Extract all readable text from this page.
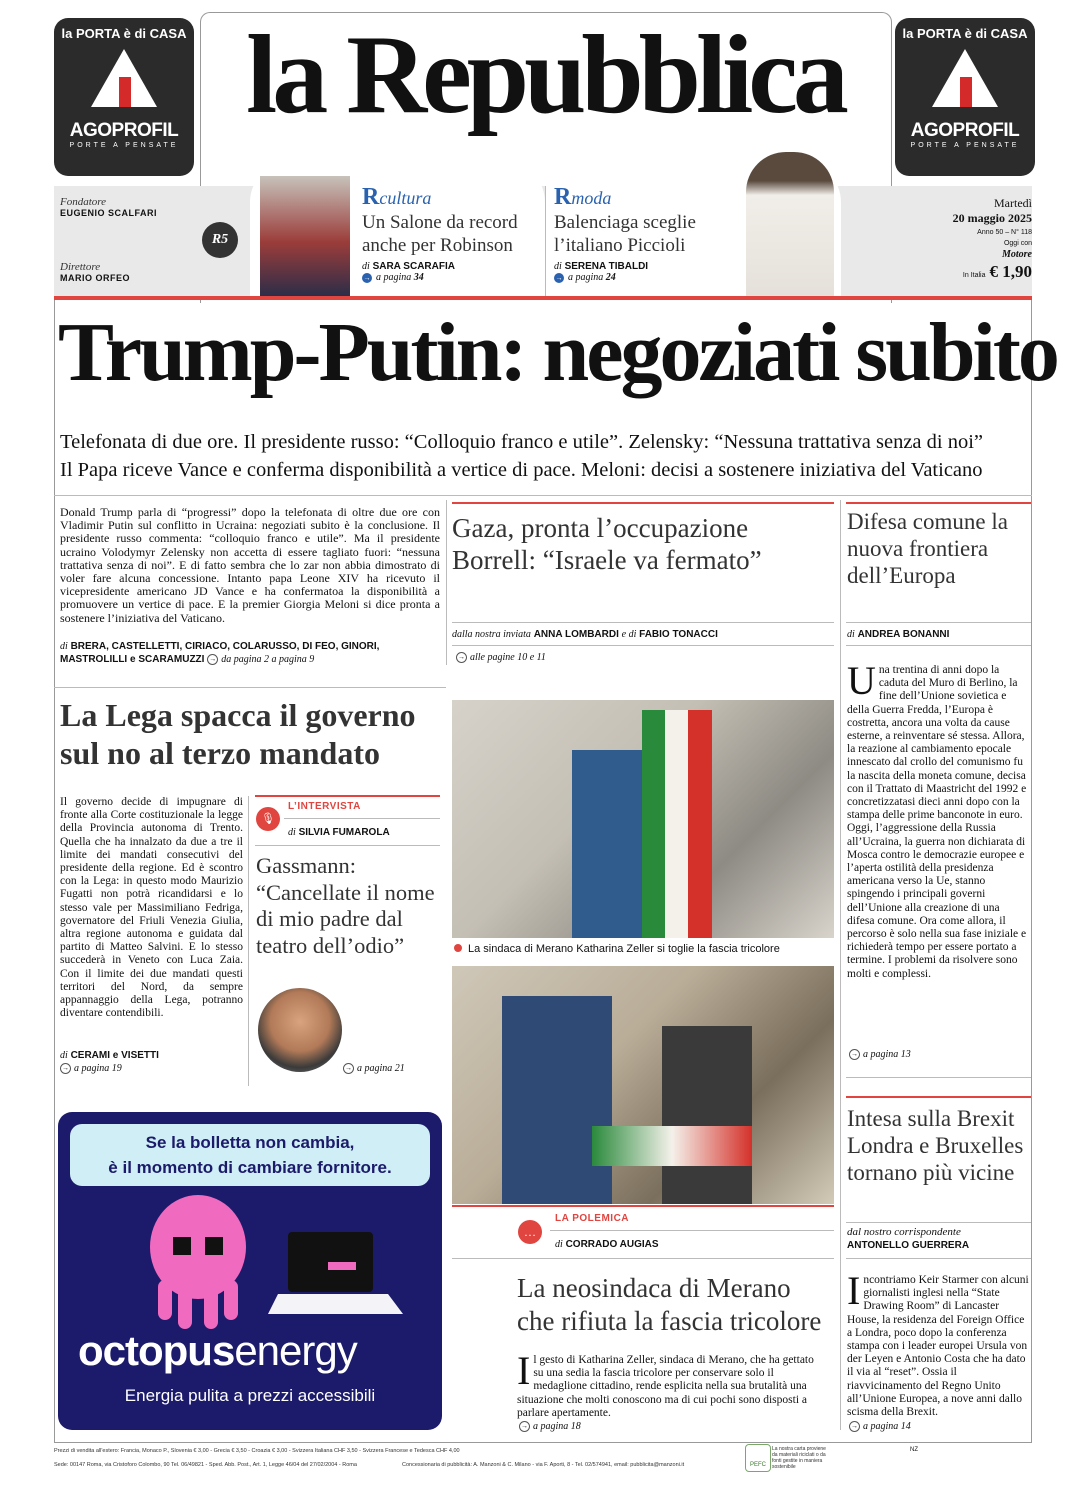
la PORTA è di CASA
AGOPROFIL
PORTE A PENSATE
la PORTA è di CASA
AGOPROFIL
PORTE A PENSATE
la Repubblica
Fondatore
EUGENIO SCALFARI
Direttore
MARIO ORFEO
R5
Rcultura
Un Salone da record anche per Robinson
di SARA SCARAFIA
→ a pagina 34
Rmoda
Balenciaga sceglie l’italiano Piccioli
di SERENA TIBALDI
→ a pagina 24
Martedì
20 maggio 2025
Anno 50 – N° 118
Oggi con
Motore
In Italia € 1,90
Trump-Putin: negoziati subito
Telefonata di due ore. Il presidente russo: “Colloquio franco e utile”. Zelensky: “Nessuna trattativa senza di noi”
Il Papa riceve Vance e conferma disponibilità a vertice di pace. Meloni: decisi a sostenere iniziativa del Vaticano
Donald Trump parla di “progressi” dopo la telefonata di oltre due ore con Vladimir Putin sul conflitto in Ucraina: negoziati subito è la conclusione. Il presidente russo commenta: “colloquio franco e utile”. Ma il presidente ucraino Volodymyr Zelensky non accetta di essere tagliato fuori: “nessuna trattativa senza di noi”. E di fatto sembra che lo zar non abbia dimostrato di voler fare alcuna concessione. Intanto papa Leone XIV ha ricevuto il vicepresidente americano JD Vance e ha confermatoa la disponibilità a promuovere un vertice di pace. E la premier Giorgia Meloni si dice pronta a sostenere l’iniziativa del Vaticano.
di BRERA, CASTELLETTI, CIRIACO, COLARUSSO, DI FEO, GINORI, MASTROLILLI e SCARAMUZZI → da pagina 2 a pagina 9
Gaza, pronta l’occupazione Borrell: “Israele va fermato”
dalla nostra inviata ANNA LOMBARDI e di FABIO TONACCI
→ alle pagine 10 e 11
Difesa comune la nuova frontiera dell’Europa
di ANDREA BONANNI
Una trentina di anni dopo la caduta del Muro di Berlino, la fine dell’Unione sovietica e della Guerra Fredda, l’Europa è costretta, ancora una volta da cause esterne, a reinventare sé stessa. Allora, la reazione al cambiamento epocale innescato dal crollo del comunismo fu la nascita della moneta comune, decisa con il Trattato di Maastricht del 1992 e concretizzatasi dieci anni dopo con la stampa delle prime banconote in euro. Oggi, l’aggressione della Russia all’Ucraina, la guerra non dichiarata di Mosca contro le democrazie europee e l’aperta ostilità della presidenza americana verso la Ue, stanno spingendo i principali governi dell’Unione alla creazione di una difesa comune. Ora come allora, il percorso è solo nella sua fase iniziale e richiederà tempo per essere portato a termine. I problemi da risolvere sono molti e complessi.
→ a pagina 13
La Lega spacca il governo sul no al terzo mandato
Il governo decide di impugnare di fronte alla Corte costituzionale la legge della Provincia autonoma di Trento. Quella che ha innalzato da due a tre il limite dei mandati consecutivi del presidente della regione. Ed è scontro con la Lega: in questo modo Maurizio Fugatti non potrà ricandidarsi e lo stesso vale per Massimiliano Fedriga, governatore del Friuli Venezia Giulia, altra regione autonoma e guidata dal partito di Matteo Salvini. E lo stesso succederà in Veneto con Luca Zaia. Con il limite dei due mandati questi territori del Nord, da sempre appannaggio della Lega, potranno diventare contendibili.
di CERAMI e VISETTI
→ a pagina 19
🎙
L’INTERVISTA
di SILVIA FUMAROLA
Gassmann: “Cancellate il nome di mio padre dal teatro dell’odio”
→ a pagina 21
La sindaca di Merano Katharina Zeller si toglie la fascia tricolore
…
LA POLEMICA
di CORRADO AUGIAS
La neosindaca di Merano che rifiuta la fascia tricolore
Il gesto di Katharina Zeller, sindaca di Merano, che ha gettato su una sedia la fascia tricolore per conservare solo il medaglione cittadino, rende esplicita nella sua brutalità una situazione che molti conoscono ma di cui pochi sono disposti a parlare apertamente.
→ a pagina 18
Intesa sulla Brexit Londra e Bruxelles tornano più vicine
dal nostro corrispondente
ANTONELLO GUERRERA
Incontriamo Keir Starmer con alcuni giornalisti inglesi nella “State Drawing Room” di Lancaster House, la residenza del Foreign Office a Londra, poco dopo la conferenza stampa con i leader europei Ursula von der Leyen e Antonio Costa che ha dato il via al “reset”. Ossia il riavvicinamento del Regno Unito all’Unione Europea, a nove anni dallo scisma della Brexit.
→ a pagina 14
Se la bolletta non cambia,
è il momento di cambiare fornitore.
octopusenergy
Energia pulita a prezzi accessibili
Prezzi di vendita all'estero: Francia, Monaco P., Slovenia € 3,00 - Grecia € 3,50 - Croazia € 3,00 - Svizzera Italiana CHF 3,50 - Svizzera Francese e Tedesca CHF 4,00
Sede: 00147 Roma, via Cristoforo Colombo, 90 Tel. 06/49821 - Sped. Abb. Post., Art. 1, Legge 46/04 del 27/02/2004 - Roma	Concessionaria di pubblicità: A. Manzoni & C. Milano - via F. Aporti, 8 - Tel. 02/574941, email: pubblicita@manzoni.it	PEFC
La nostra carta proviene da materiali riciclati o da fonti gestite in maniera sostenibile
NZ
